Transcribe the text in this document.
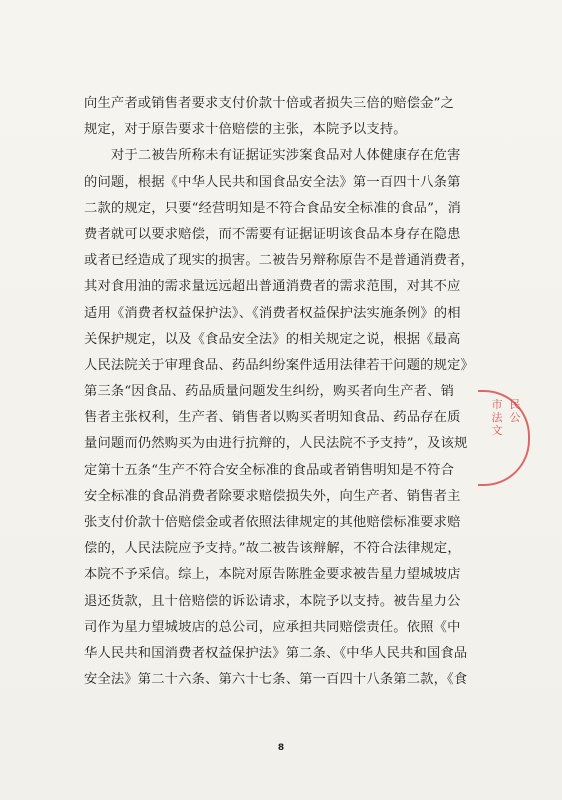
向生产者或销售者要求支付价款十倍或者损失三倍的赔偿金”之
规定，对于原告要求十倍赔偿的主张，本院予以支持。
对于二被告所称未有证据证实涉案食品对人体健康存在危害
的问题，根据《中华人民共和国食品安全法》第一百四十八条第
二款的规定，只要“经营明知是不符合食品安全标准的食品”，消
费者就可以要求赔偿，而不需要有证据证明该食品本身存在隐患
或者已经造成了现实的损害。二被告另辩称原告不是普通消费者，
其对食用油的需求量远远超出普通消费者的需求范围，对其不应
适用《消费者权益保护法》、《消费者权益保护法实施条例》的相
关保护规定，以及《食品安全法》的相关规定之说，根据《最高
人民法院关于审理食品、药品纠纷案件适用法律若干问题的规定》
第三条“因食品、药品质量问题发生纠纷，购买者向生产者、销
售者主张权利，生产者、销售者以购买者明知食品、药品存在质
量问题而仍然购买为由进行抗辩的，人民法院不予支持”，及该规
定第十五条“生产不符合安全标准的食品或者销售明知是不符合
安全标准的食品消费者除要求赔偿损失外，向生产者、销售者主
张支付价款十倍赔偿金或者依照法律规定的其他赔偿标准要求赔
偿的，人民法院应予支持。”故二被告该辩解，不符合法律规定，
本院不予采信。综上，本院对原告陈胜金要求被告星力望城坡店
退还货款，且十倍赔偿的诉讼请求，本院予以支持。被告星力公
司作为星力望城坡店的总公司，应承担共同赔偿责任。依照《中
华人民共和国消费者权益保护法》第二条、《中华人民共和国食品
安全法》第二十六条、第六十七条、第一百四十八条第二款，《食
市 民
法 公
文
8
